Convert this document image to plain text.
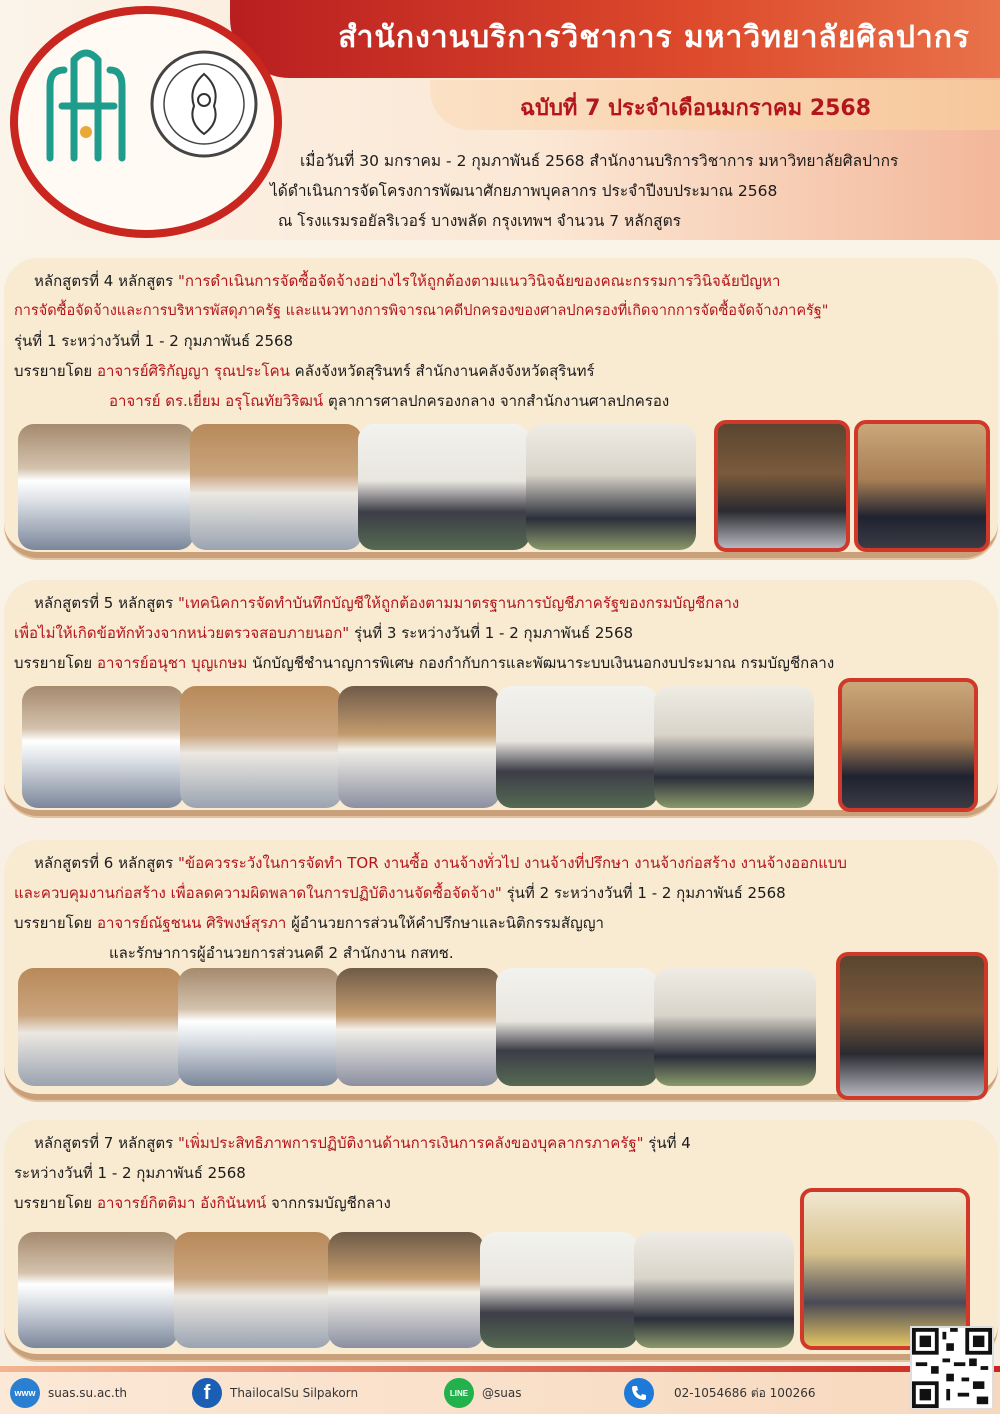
สำนักงานบริการวิชาการ มหาวิทยาลัยศิลปากร
ฉบับที่ 7 ประจำเดือนมกราคม 2568
เมื่อวันที่ 30 มกราคม - 2 กุมภาพันธ์ 2568 สำนักงานบริการวิชาการ มหาวิทยาลัยศิลปากร
ได้ดำเนินการจัดโครงการพัฒนาศักยภาพบุคลากร ประจำปีงบประมาณ 2568
ณ โรงแรมรอยัลริเวอร์ บางพลัด กรุงเทพฯ จำนวน 7 หลักสูตร
หลักสูตรที่ 4 หลักสูตร "การดำเนินการจัดซื้อจัดจ้างอย่างไรให้ถูกต้องตามแนววินิจฉัยของคณะกรรมการวินิจฉัยปัญหา
การจัดซื้อจัดจ้างและการบริหารพัสดุภาครัฐ และแนวทางการพิจารณาคดีปกครองของศาลปกครองที่เกิดจากการจัดซื้อจัดจ้างภาครัฐ"
รุ่นที่ 1 ระหว่างวันที่ 1 - 2 กุมภาพันธ์ 2568
บรรยายโดย อาจารย์ศิริกัญญา รุณประโคน คลังจังหวัดสุรินทร์ สำนักงานคลังจังหวัดสุรินทร์
อาจารย์ ดร.เยี่ยม อรุโณทัยวิริฒน์ ตุลาการศาลปกครองกลาง จากสำนักงานศาลปกครอง
หลักสูตรที่ 5 หลักสูตร "เทคนิคการจัดทำบันทึกบัญชีให้ถูกต้องตามมาตรฐานการบัญชีภาครัฐของกรมบัญชีกลาง
เพื่อไม่ให้เกิดข้อทักท้วงจากหน่วยตรวจสอบภายนอก" รุ่นที่ 3 ระหว่างวันที่ 1 - 2 กุมภาพันธ์ 2568
บรรยายโดย อาจารย์อนุชา บุญเกษม นักบัญชีชำนาญการพิเศษ กองกำกับการและพัฒนาระบบเงินนอกงบประมาณ กรมบัญชีกลาง
หลักสูตรที่ 6 หลักสูตร "ข้อควรระวังในการจัดทำ TOR งานซื้อ งานจ้างทั่วไป งานจ้างที่ปรึกษา งานจ้างก่อสร้าง งานจ้างออกแบบ
และควบคุมงานก่อสร้าง เพื่อลดความผิดพลาดในการปฏิบัติงานจัดซื้อจัดจ้าง" รุ่นที่ 2 ระหว่างวันที่ 1 - 2 กุมภาพันธ์ 2568
บรรยายโดย อาจารย์ณัฐชนน ศิริพงษ์สุรภา ผู้อำนวยการส่วนให้คำปรึกษาและนิติกรรมสัญญา
และรักษาการผู้อำนวยการส่วนคดี 2 สำนักงาน กสทช.
หลักสูตรที่ 7 หลักสูตร "เพิ่มประสิทธิภาพการปฏิบัติงานด้านการเงินการคลังของบุคลากรภาครัฐ" รุ่นที่ 4
ระหว่างวันที่ 1 - 2 กุมภาพันธ์ 2568
บรรยายโดย อาจารย์กิตติมา อังกินันทน์ จากกรมบัญชีกลาง
www	suas.su.ac.th	f	ThailocalSu Silpakorn	LINE	@suas	02-1054686 ต่อ 100266
